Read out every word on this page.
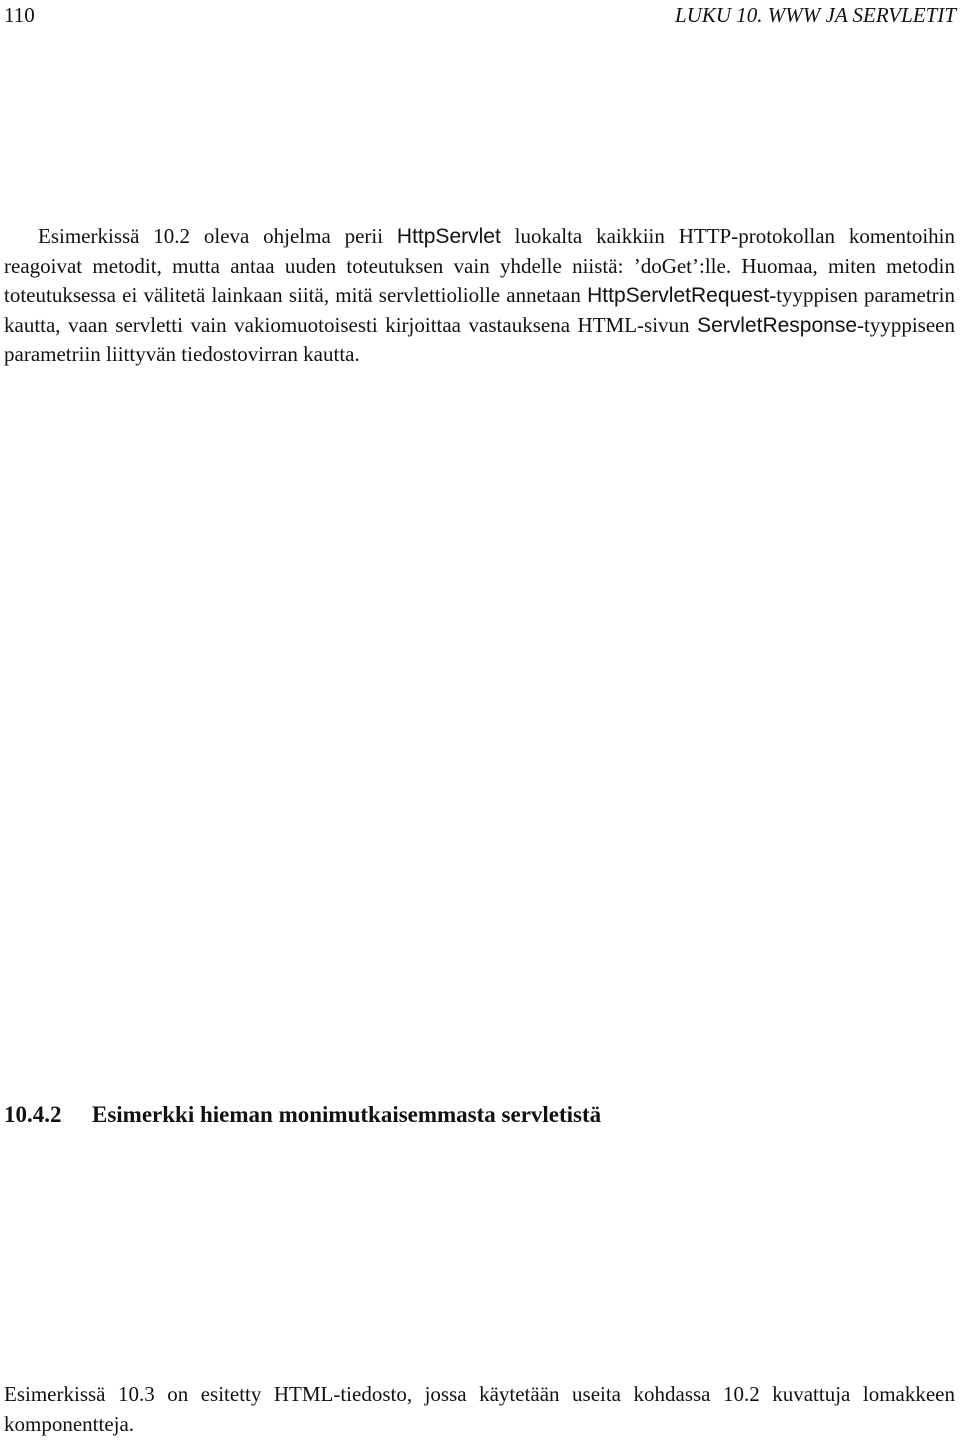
110	LUKU 10. WWW JA SERVLETIT

Esimerkissä 10.2 oleva ohjelma perii HttpServlet luokalta kaikkiin HTTP-protokollan komentoihin reagoivat metodit, mutta antaa uuden toteutuksen vain yhdelle niistä: ’doGet’:lle. Huomaa, miten metodin toteutuksessa ei välitetä lainkaan siitä, mitä servlettioliolle annetaan HttpServletRequest-tyyppisen parametrin kautta, vaan servletti vain vakiomuotoisesti kirjoittaa vastauksena HTML-sivun ServletResponse-tyyppiseen parametriin liittyvän tiedostovirran kautta.

10.4.2 Esimerkki hieman monimutkaisemmasta servletistä

Esimerkissä 10.3 on esitetty HTML-tiedosto, jossa käytetään useita kohdassa 10.2 kuvattuja lomakkeen komponentteja.
